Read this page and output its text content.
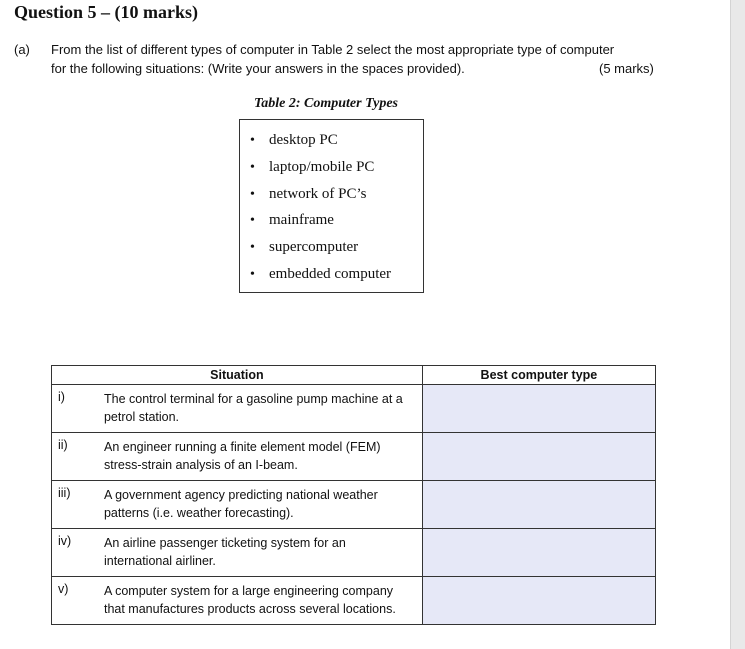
Question 5 – (10 marks)
(a) From the list of different types of computer in Table 2 select the most appropriate type of computer
for the following situations: (Write your answers in the spaces provided).	(5 marks)
Table 2: Computer Types
• desktop PC
• laptop/mobile PC
• network of PC’s
• mainframe
• supercomputer
• embedded computer
Situation		Best computer type
i)	The control terminal for a gasoline pump machine at a
petrol station.	
ii)	An engineer running a finite element model (FEM)
stress-strain analysis of an I-beam.	
iii)	A government agency predicting national weather
patterns (i.e. weather forecasting).	
iv)	An airline passenger ticketing system for an
international airliner.	
v)	A computer system for a large engineering company
that manufactures products across several locations.	
